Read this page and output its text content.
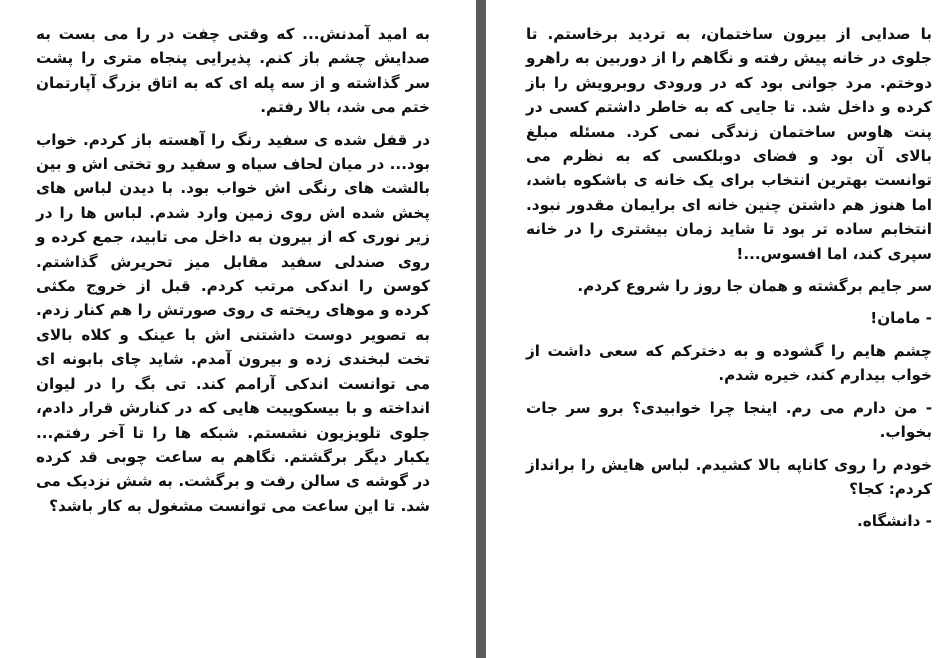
به امید آمدنش... که وقتی چفت در را می بست به صدایش چشم باز کنم. پذیرایی پنجاه متری را پشت سر گذاشته و از سه پله ای که به اتاق بزرگ آپارتمان ختم می شد، بالا رفتم.

در قفل شده ی سفید رنگ را آهسته باز کردم. خواب بود... در میان لحاف سیاه و سفید رو تختی اش و بین بالشت های رنگی اش خواب بود. با دیدن لباس های پخش شده اش روی زمین وارد شدم. لباس ها را در زیر نوری که از بیرون به داخل می تابید، جمع کرده و روی صندلی سفید مقابل میز تحریرش گذاشتم. کوسن را اندکی مرتب کردم. قبل از خروج مکثی کرده و موهای ریخته ی روی صورتش را هم کنار زدم. به تصویر دوست داشتنی اش با عینک و کلاه بالای تخت لبخندی زده و بیرون آمدم. شاید چای بابونه ای می توانست اندکی آرامم کند. تی بگ را در لیوان انداخته و با بیسکوییت هایی که در کنارش قرار دادم، جلوی تلویزیون نشستم. شبکه ها را تا آخر رفتم... یکبار دیگر برگشتم. نگاهم به ساعت چوبی قد کرده در گوشه ی سالن رفت و برگشت. به شش نزدیک می شد. تا این ساعت می توانست مشغول به کار باشد؟

با صدایی از بیرون ساختمان، به تردید برخاستم. تا جلوی در خانه پیش رفته و نگاهم را از دوربین به راهرو دوختم. مرد جوانی بود که در ورودی روبرویش را باز کرده و داخل شد. تا جایی که به خاطر داشتم کسی در پنت هاوس ساختمان زندگی نمی کرد. مسئله مبلغ بالای آن بود و فضای دوبلکسی که به نظرم می توانست بهترین انتخاب برای یک خانه ی باشکوه باشد، اما هنوز هم داشتن چنین خانه ای برایمان مقدور نبود. انتخابم ساده تر بود تا شاید زمان بیشتری را در خانه سپری کند، اما افسوس...!

سر جایم برگشته و همان جا روز را شروع کردم.

- مامان!

چشم هایم را گشوده و به دخترکم که سعی داشت از خواب بیدارم کند، خیره شدم.

- من دارم می رم. اینجا چرا خوابیدی؟ برو سر جات بخواب.

خودم را روی کاناپه بالا کشیدم. لباس هایش را برانداز کردم: کجا؟

- دانشگاه.
